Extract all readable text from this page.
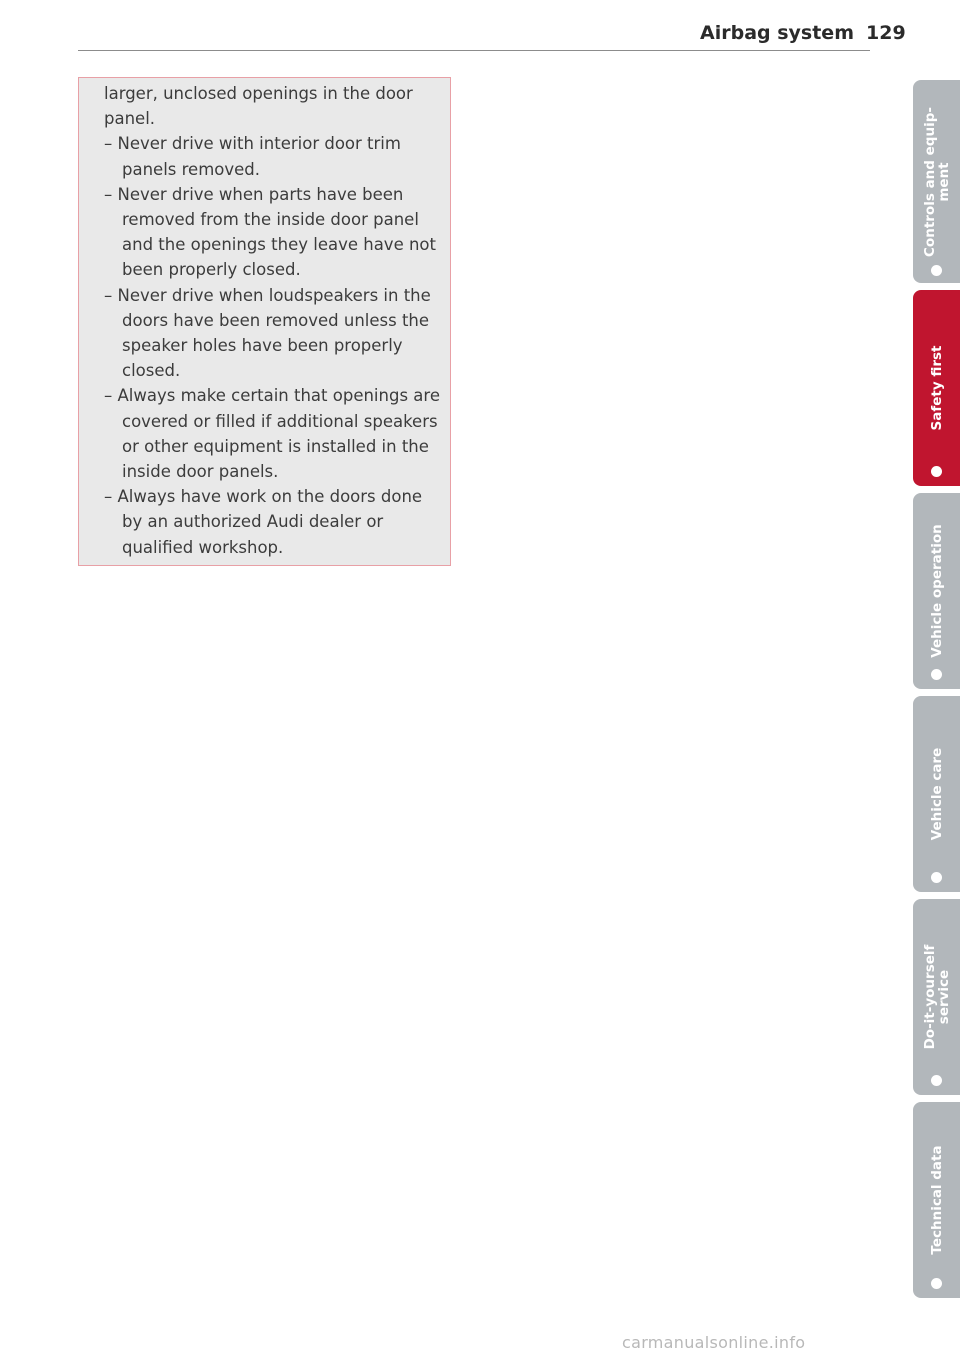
Airbag system 129

larger, unclosed openings in the door panel.

– Never drive with interior door trim panels removed.

– Never drive when parts have been removed from the inside door panel and the openings they leave have not been properly closed.

– Never drive when loudspeakers in the doors have been removed unless the speaker holes have been properly closed.

– Always make certain that openings are covered or filled if additional speakers or other equipment is installed in the inside door panels.

– Always have work on the doors done by an authorized Audi dealer or qualified workshop.

Controls and equip-
ment
Safety first
Vehicle operation
Vehicle care
Do-it-yourself
service
Technical data
carmanualsonline.info
